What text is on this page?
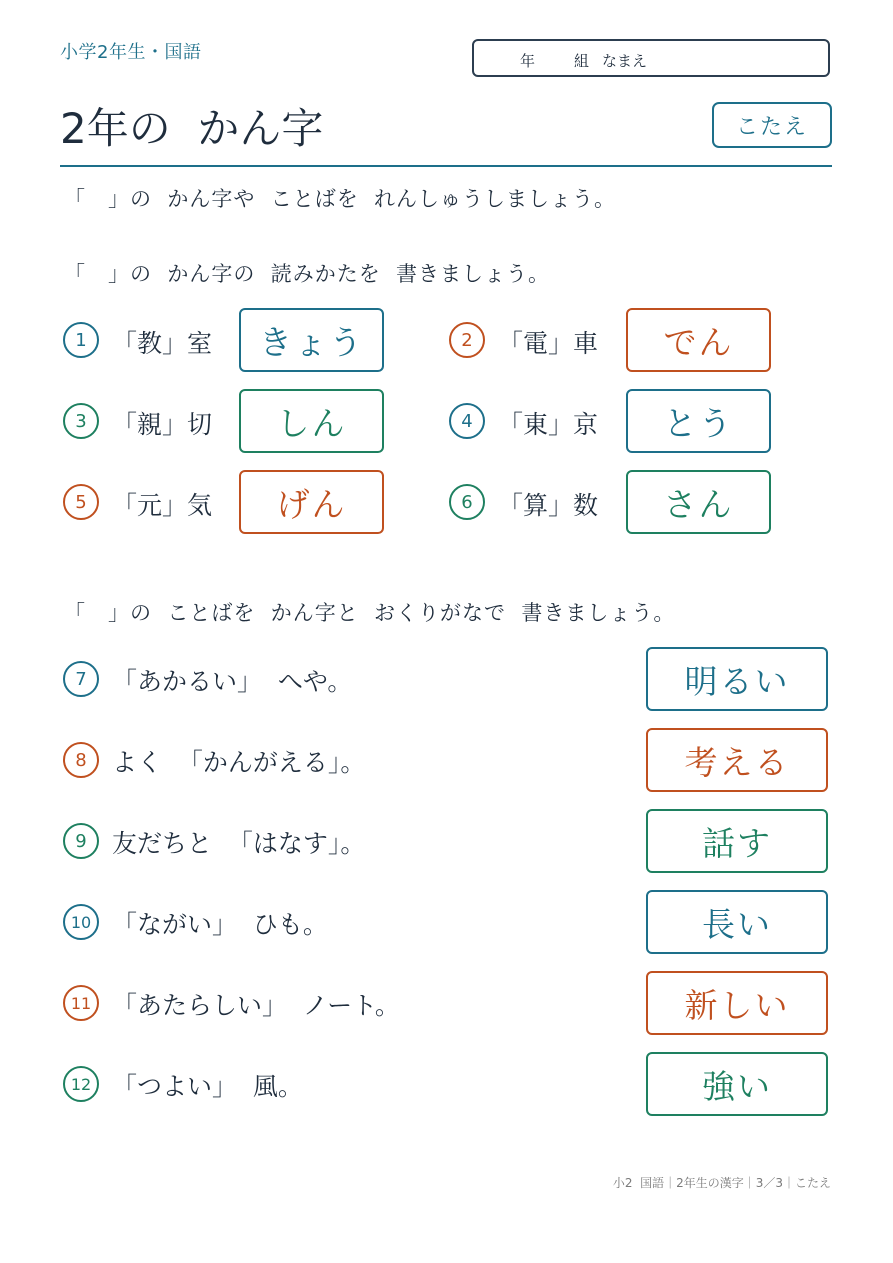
小学2年生・国語	年	組 なまえ
2年の  かん字	こたえ
「　」の  かん字や  ことばを  れんしゅうしましょう。
「　」の  かん字の  読みかたを  書きましょう。
1	「教」室	きょう	2	「電」車	でん
3	「親」切	しん	4	「東」京	とう
5	「元」気	げん	6	「算」数	さん
「　」の  ことばを  かん字と  おくりがなで  書きましょう。
7	「あかるい」  へや。	明るい
8	よく  「かんがえる」。	考える
9	友だちと  「はなす」。	話す
10 「ながい」  ひも。	長い
11 「あたらしい」  ノート。	新しい
12 「つよい」  風。	強い
小2  国語｜2年生の漢字｜3／3｜こたえ
